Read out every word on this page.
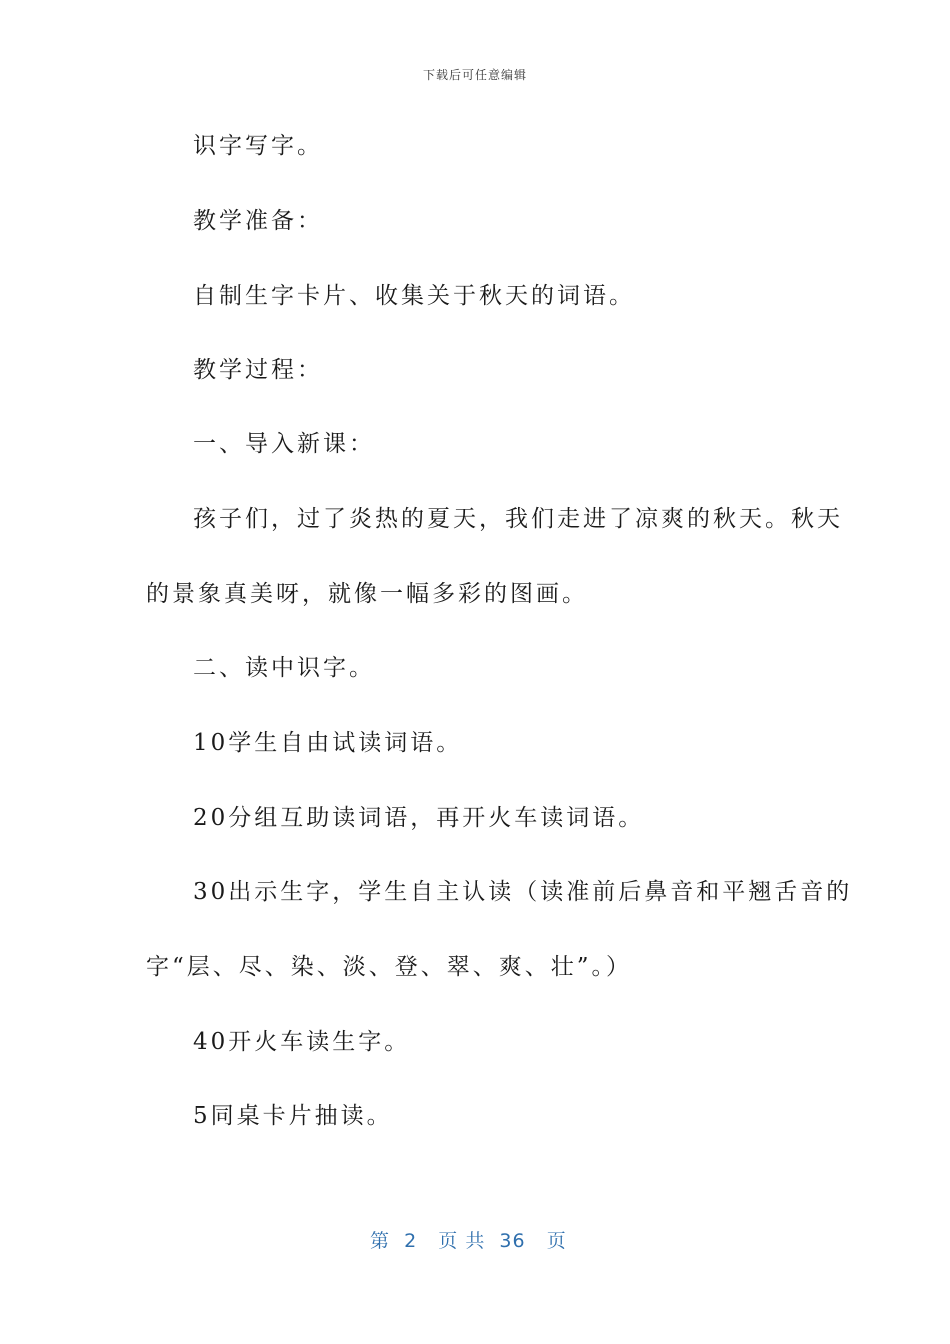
下载后可任意编辑
识字写字。
教学准备：
自制生字卡片、收集关于秋天的词语。
教学过程：
一、导入新课：
孩子们，过了炎热的夏天，我们走进了凉爽的秋天。秋天
的景象真美呀，就像一幅多彩的图画。
二、读中识字。
10学生自由试读词语。
20分组互助读词语，再开火车读词语。
30出示生字，学生自主认读（读准前后鼻音和平翘舌音的
字“层、尽、染、淡、登、翠、爽、壮”。）
40开火车读生字。
5同桌卡片抽读。
第  2   页 共  36   页
